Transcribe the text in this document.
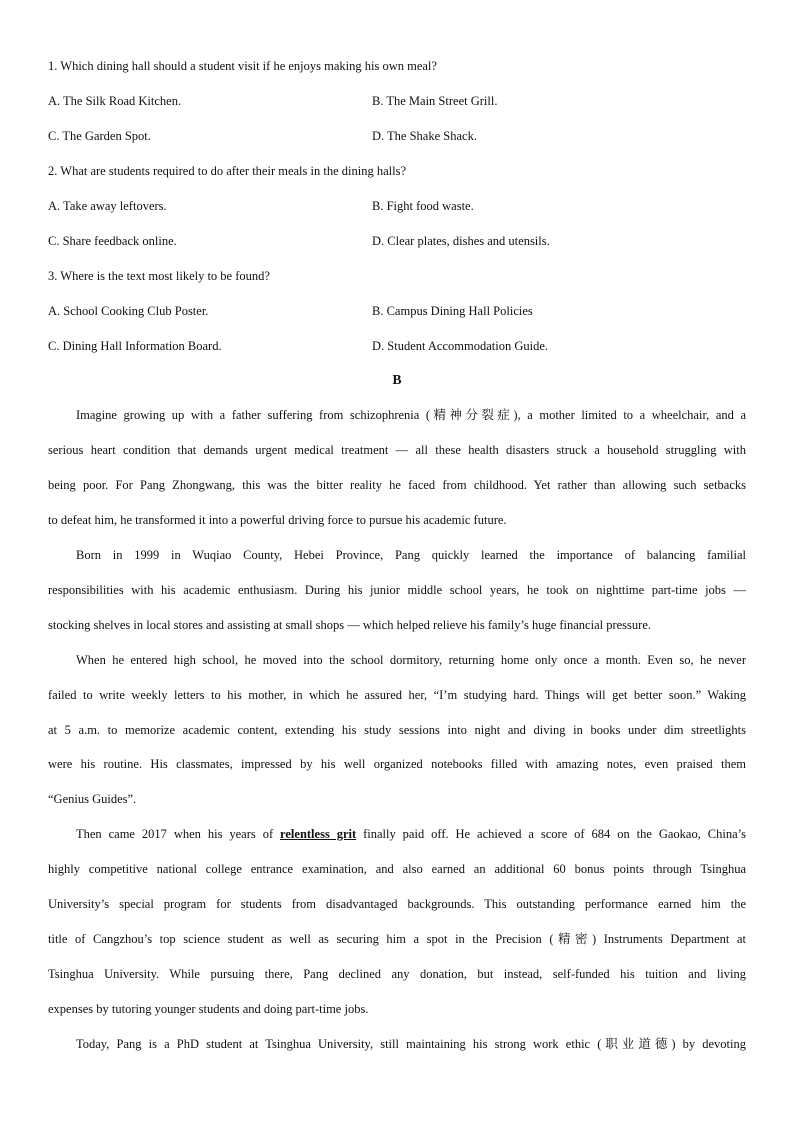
1. Which dining hall should a student visit if he enjoys making his own meal?
A. The Silk Road Kitchen.	B. The Main Street Grill.
C. The Garden Spot.	D. The Shake Shack.
2. What are students required to do after their meals in the dining halls?
A. Take away leftovers.	B. Fight food waste.
C. Share feedback online.	D. Clear plates, dishes and utensils.
3. Where is the text most likely to be found?
A. School Cooking Club Poster.	B. Campus Dining Hall Policies
C. Dining Hall Information Board.	D. Student Accommodation Guide.
B
Imagine growing up with a father suffering from schizophrenia (精神分裂症), a mother limited to a wheelchair, and a
serious heart condition that demands urgent medical treatment — all these health disasters struck a household struggling with
being poor. For Pang Zhongwang, this was the bitter reality he faced from childhood. Yet rather than allowing such setbacks
to defeat him, he transformed it into a powerful driving force to pursue his academic future.
Born in 1999 in Wuqiao County, Hebei Province, Pang quickly learned the importance of balancing familial
responsibilities with his academic enthusiasm. During his junior middle school years, he took on nighttime part-time jobs —
stocking shelves in local stores and assisting at small shops — which helped relieve his family’s huge financial pressure.
When he entered high school, he moved into the school dormitory, returning home only once a month. Even so, he never
failed to write weekly letters to his mother, in which he assured her, “I’m studying hard. Things will get better soon.” Waking
at 5 a.m. to memorize academic content, extending his study sessions into night and diving in books under dim streetlights
were his routine. His classmates, impressed by his well organized notebooks filled with amazing notes, even praised them
“Genius Guides”.
Then came 2017 when his years of relentless grit finally paid off. He achieved a score of 684 on the Gaokao, China’s
highly competitive national college entrance examination, and also earned an additional 60 bonus points through Tsinghua
University’s special program for students from disadvantaged backgrounds. This outstanding performance earned him the
title of Cangzhou’s top science student as well as securing him a spot in the Precision (精密) Instruments Department at
Tsinghua University. While pursuing there, Pang declined any donation, but instead, self-funded his tuition and living
expenses by tutoring younger students and doing part-time jobs.
Today, Pang is a PhD student at Tsinghua University, still maintaining his strong work ethic (职业道德) by devoting
